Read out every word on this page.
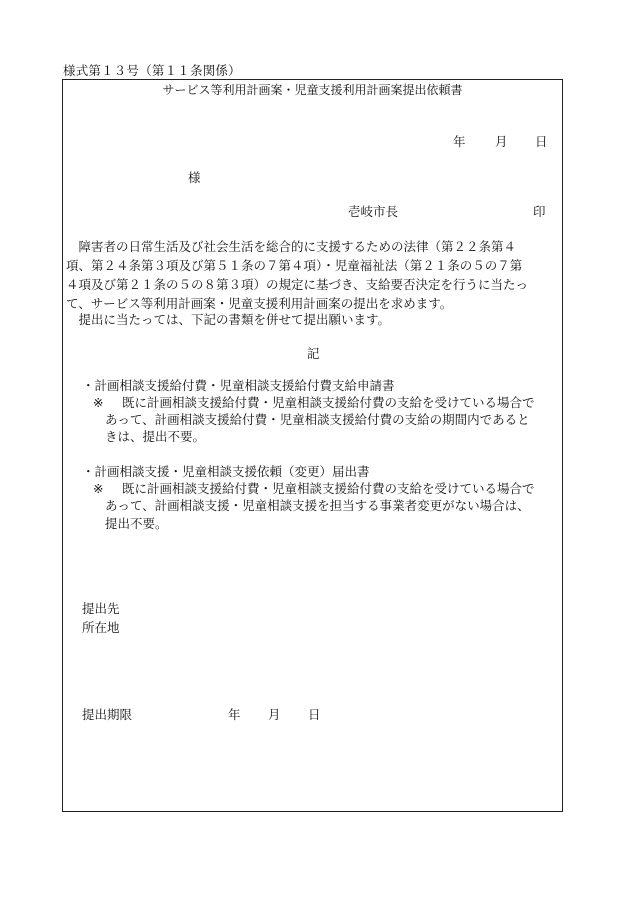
様式第１３号（第１１条関係）
サービス等利用計画案・児童支援利用計画案提出依頼書
年 月 日
様
壱岐市長	印
　障害者の日常生活及び社会生活を総合的に支援するための法律（第２２条第４
項、第２４条第３項及び第５１条の７第４項）・児童福祉法（第２１条の５の７第
４項及び第２１条の５の８第３項）の規定に基づき、支給要否決定を行うに当たっ
て、サービス等利用計画案・児童支援利用計画案の提出を求めます。
　提出に当たっては、下記の書類を併せて提出願います。
記
・計画相談支援給付費・児童相談支援給付費支給申請書
※ 既に計画相談支援給付費・児童相談支援給付費の支給を受けている場合で
あって、計画相談支援給付費・児童相談支援給付費の支給の期間内であると
きは、提出不要。
・計画相談支援・児童相談支援依頼（変更）届出書
※ 既に計画相談支援給付費・児童相談支援給付費の支給を受けている場合で
あって、計画相談支援・児童相談支援を担当する事業者変更がない場合は、
提出不要。
提出先
所在地
提出期限	年 月 日
